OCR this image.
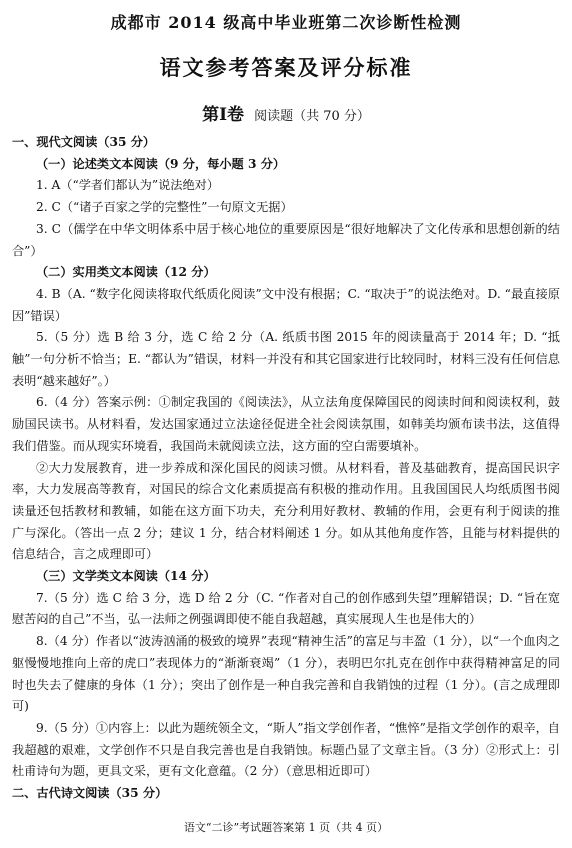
成都市 2014 级高中毕业班第二次诊断性检测
语文参考答案及评分标准
第Ⅰ卷 阅读题（共 70 分）

一、现代文阅读（35 分）

（一）论述类文本阅读（9 分，每小题 3 分）

1. A（“学者们都认为”说法绝对）

2. C（“诸子百家之学的完整性”一句原文无据）

3. C（儒学在中华文明体系中居于核心地位的重要原因是“很好地解决了文化传承和思想创新的结合”）

（二）实用类文本阅读（12 分）

4. B（A. “数字化阅读将取代纸质化阅读”文中没有根据；C. “取决于”的说法绝对。D. “最直接原因”错误）

5.（5 分）选 B 给 3 分，选 C 给 2 分（A. 纸质书图 2015 年的阅读量高于 2014 年；D. “抵触”一句分析不恰当；E. “都认为”错误，材料一并没有和其它国家进行比较同时，材料三没有任何信息表明“越来越好”。）

6.（4 分）答案示例：①制定我国的《阅读法》，从立法角度保障国民的阅读时间和阅读权利，鼓励国民读书。从材料看，发达国家通过立法途径促进全社会阅读氛围，如韩美均颁布读书法，这值得我们借鉴。而从现实环境看，我国尚未就阅读立法，这方面的空白需要填补。

②大力发展教育，进一步养成和深化国民的阅读习惯。从材料看，普及基础教育，提高国民识字率，大力发展高等教育，对国民的综合文化素质提高有积极的推动作用。且我国国民人均纸质图书阅读量还包括教材和教辅，如能在这方面下功夫，充分利用好教材、教辅的作用，会更有利于阅读的推广与深化。（答出一点 2 分；建议 1 分，结合材料阐述 1 分。如从其他角度作答，且能与材料提供的信息结合，言之成理即可）

（三）文学类文本阅读（14 分）

7.（5 分）选 C 给 3 分，选 D 给 2 分（C. “作者对自己的创作感到失望”理解错误；D. “旨在宽慰苦闷的自己”不当，弘一法师之例强调即使不能自我超越，真实展现人生也是伟大的）

8.（4 分）作者以“波涛汹涌的极致的境界”表现“精神生活”的富足与丰盈（1 分），以“一个血肉之躯慢慢地推向上帝的虎口”表现体力的“渐渐衰竭”（1 分），表明巴尔扎克在创作中获得精神富足的同时也失去了健康的身体（1 分）；突出了创作是一种自我完善和自我销蚀的过程（1 分）。(言之成理即可)

9.（5 分）①内容上：以此为题统领全文，“斯人”指文学创作者，“憔悴”是指文学创作的艰辛，自我超越的艰难，文学创作不只是自我完善也是自我销蚀。标题凸显了文章主旨。（3 分）②形式上：引杜甫诗句为题，更具文采，更有文化意蕴。（2 分）（意思相近即可）

二、古代诗文阅读（35 分）

语文“二诊”考试题答案第 1 页（共 4 页）
